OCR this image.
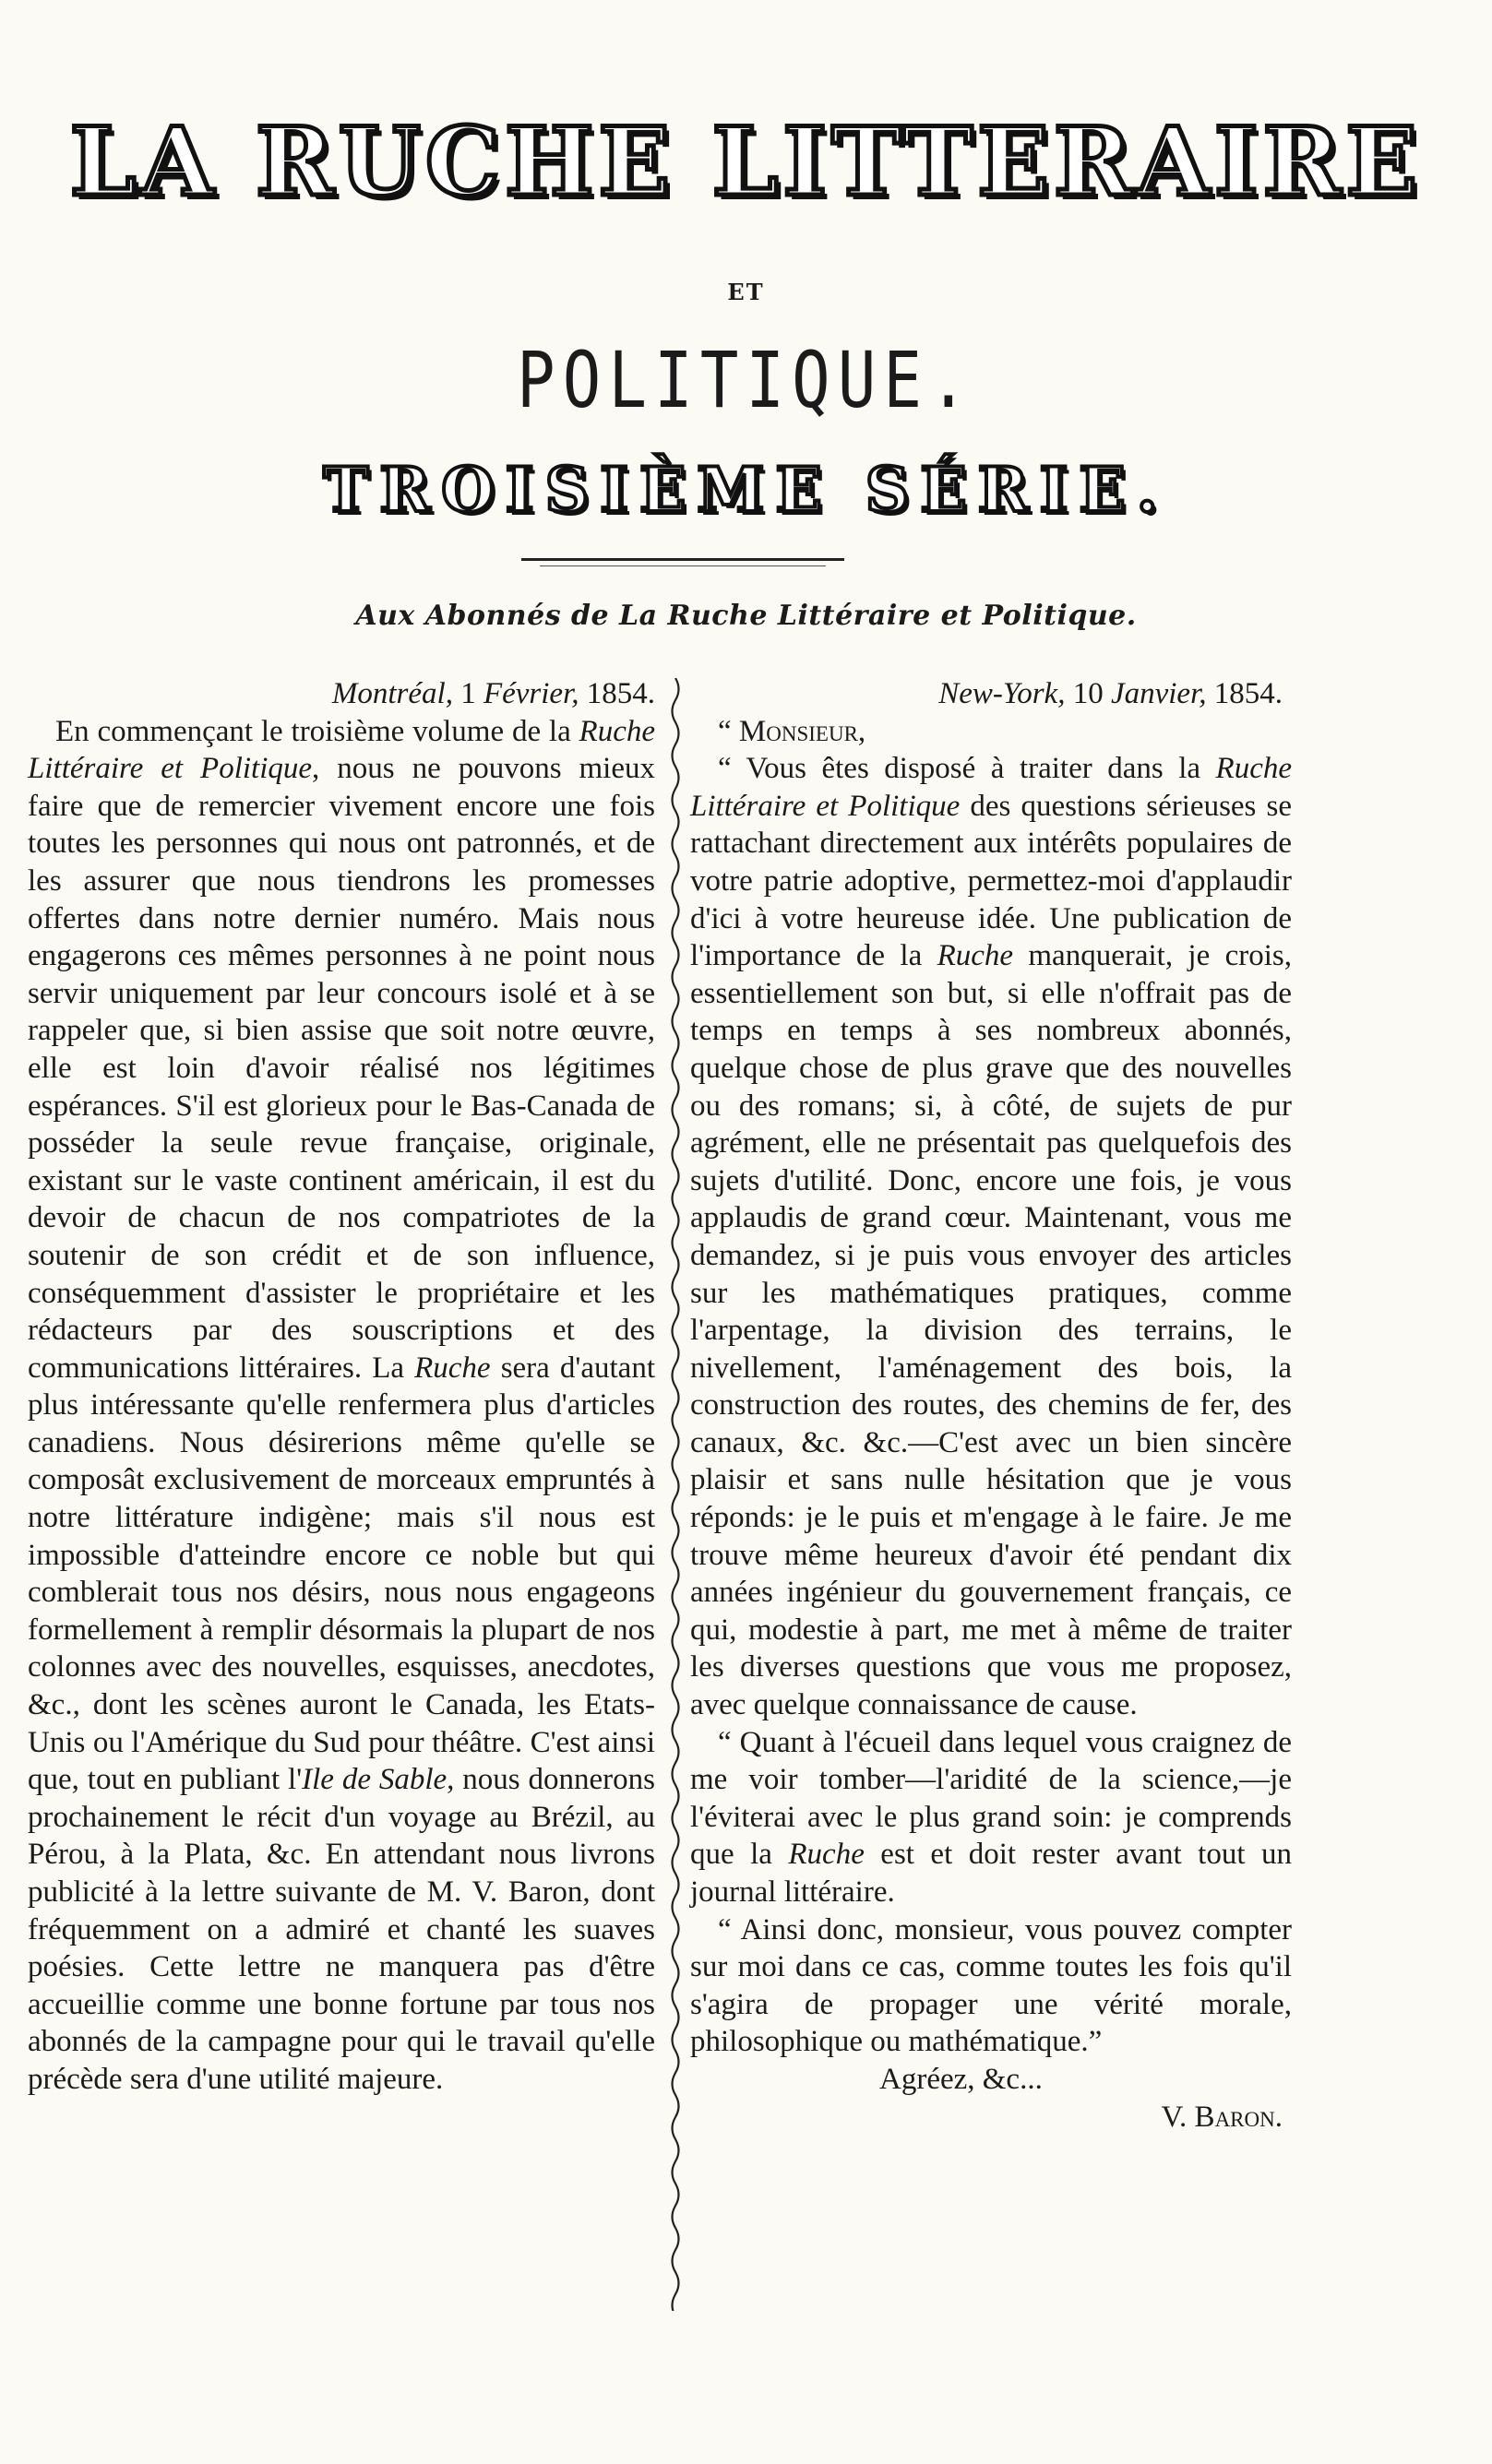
LA RUCHE LITTERAIRE
ET
POLITIQUE.
TROISIÈME SÉRIE.
Aux Abonnés de La Ruche Littéraire et Politique.

Montréal, 1 Février, 1854.

En commençant le troisième volume de la Ruche Littéraire et Politique, nous ne pouvons mieux faire que de remercier vivement encore une fois toutes les personnes qui nous ont patronnés, et de les assurer que nous tiendrons les promesses offertes dans notre dernier numéro. Mais nous engagerons ces mêmes personnes à ne point nous servir uniquement par leur concours isolé et à se rappeler que, si bien assise que soit notre œuvre, elle est loin d'avoir réalisé nos légitimes espérances. S'il est glorieux pour le Bas-Canada de posséder la seule revue française, originale, existant sur le vaste continent américain, il est du devoir de chacun de nos compatriotes de la soutenir de son crédit et de son influence, conséquemment d'assister le propriétaire et les rédacteurs par des souscriptions et des communications littéraires. La Ruche sera d'autant plus intéressante qu'elle renfermera plus d'articles canadiens. Nous désirerions même qu'elle se composât exclusivement de morceaux empruntés à notre littérature indigène; mais s'il nous est impossible d'atteindre encore ce noble but qui comblerait tous nos désirs, nous nous engageons formellement à remplir désormais la plupart de nos colonnes avec des nouvelles, esquisses, anecdotes, &c., dont les scènes auront le Canada, les Etats-Unis ou l'Amérique du Sud pour théâtre. C'est ainsi que, tout en publiant l'Ile de Sable, nous donnerons prochainement le récit d'un voyage au Brézil, au Pérou, à la Plata, &c. En attendant nous livrons publicité à la lettre suivante de M. V. Baron, dont fréquemment on a admiré et chanté les suaves poésies. Cette lettre ne manquera pas d'être accueillie comme une bonne fortune par tous nos abonnés de la campagne pour qui le travail qu'elle précède sera d'une utilité majeure.

New-York, 10 Janvier, 1854.

“ Monsieur,

“ Vous êtes disposé à traiter dans la Ruche Littéraire et Politique des questions sérieuses se rattachant directement aux intérêts populaires de votre patrie adoptive, permettez-moi d'applaudir d'ici à votre heureuse idée. Une publication de l'importance de la Ruche manquerait, je crois, essentiellement son but, si elle n'offrait pas de temps en temps à ses nombreux abonnés, quelque chose de plus grave que des nouvelles ou des romans; si, à côté, de sujets de pur agrément, elle ne présentait pas quelquefois des sujets d'utilité. Donc, encore une fois, je vous applaudis de grand cœur. Maintenant, vous me demandez, si je puis vous envoyer des articles sur les mathématiques pratiques, comme l'arpentage, la division des terrains, le nivellement, l'aménagement des bois, la construction des routes, des chemins de fer, des canaux, &c. &c.—C'est avec un bien sincère plaisir et sans nulle hésitation que je vous réponds: je le puis et m'engage à le faire. Je me trouve même heureux d'avoir été pendant dix années ingénieur du gouvernement français, ce qui, modestie à part, me met à même de traiter les diverses questions que vous me proposez, avec quelque connaissance de cause.

“ Quant à l'écueil dans lequel vous craignez de me voir tomber—l'aridité de la science,—je l'éviterai avec le plus grand soin: je comprends que la Ruche est et doit rester avant tout un journal littéraire.

“ Ainsi donc, monsieur, vous pouvez compter sur moi dans ce cas, comme toutes les fois qu'il s'agira de propager une vérité morale, philosophique ou mathématique.”

Agréez, &c...

V. Baron.
